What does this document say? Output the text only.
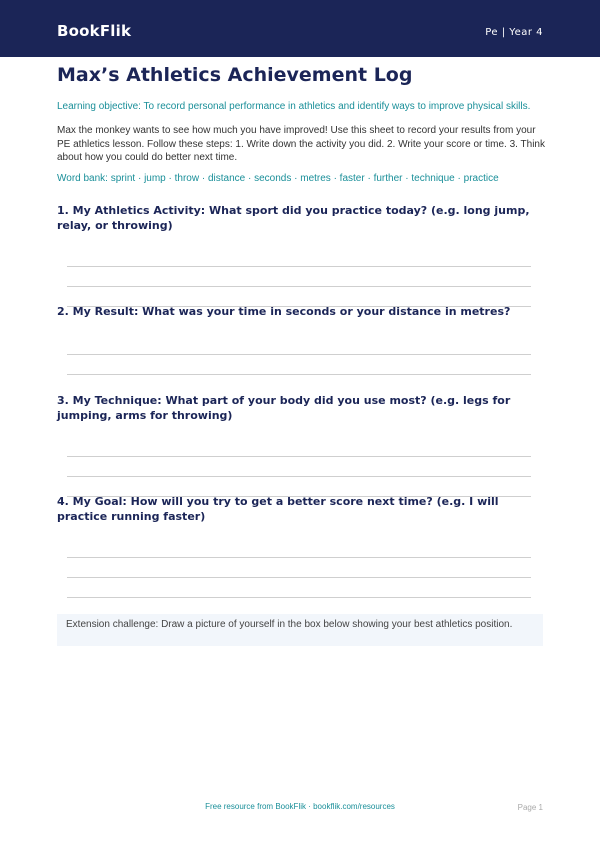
BookFlik	Pe | Year 4
Max’s Athletics Achievement Log
Learning objective: To record personal performance in athletics and identify ways to improve physical skills.
Max the monkey wants to see how much you have improved! Use this sheet to record your results from your PE athletics lesson. Follow these steps: 1. Write down the activity you did. 2. Write your score or time. 3. Think about how you could do better next time.
Word bank: sprint · jump · throw · distance · seconds · metres · faster · further · technique · practice
1. My Athletics Activity: What sport did you practice today? (e.g. long jump, relay, or throwing)
2. My Result: What was your time in seconds or your distance in metres?
3. My Technique: What part of your body did you use most? (e.g. legs for jumping, arms for throwing)
4. My Goal: How will you try to get a better score next time? (e.g. I will practice running faster)
Extension challenge: Draw a picture of yourself in the box below showing your best athletics position.
Free resource from BookFlik · bookflik.com/resources	Page 1
